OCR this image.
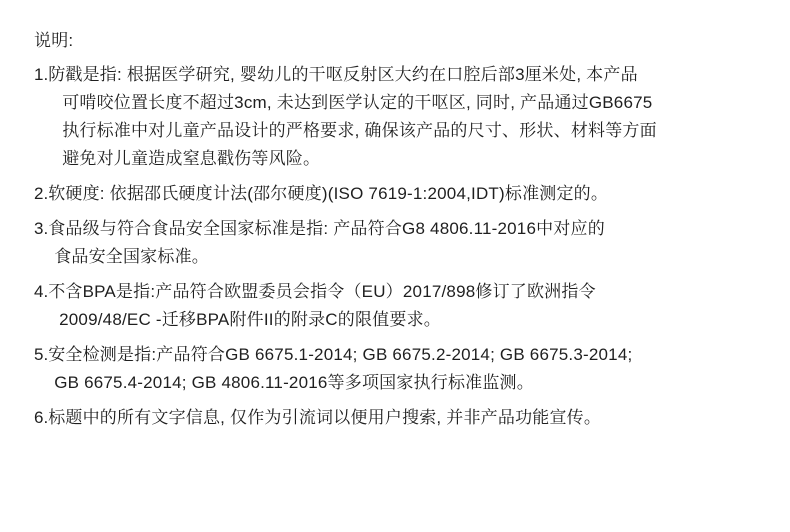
说明:
1. 防戳是指: 根据医学研究, 婴幼儿的干呕反射区大约在口腔后部3厘米处, 本产品
可啃咬位置长度不超过3cm, 未达到医学认定的干呕区, 同时, 产品通过GB6675
执行标准中对儿童产品设计的严格要求, 确保该产品的尺寸、形状、材料等方面
避免对儿童造成窒息戳伤等风险。
2. 软硬度: 依据邵氏硬度计法(邵尔硬度)(ISO 7619-1:2004,IDT)标准测定的。
3. 食品级与符合食品安全国家标准是指: 产品符合G8 4806.11-2016中对应的
食品安全国家标准。
4. 不含BPA是指:产品符合欧盟委员会指令（EU）2017/898修订了欧洲指令
2009/48/EC -迁移BPA附件II的附录C的限值要求。
5. 安全检测是指:产品符合GB 6675.1-2014; GB 6675.2-2014; GB 6675.3-2014;
GB 6675.4-2014; GB 4806.11-2016等多项国家执行标准监测。
6. 标题中的所有文字信息, 仅作为引流词以便用户搜索, 并非产品功能宣传。
